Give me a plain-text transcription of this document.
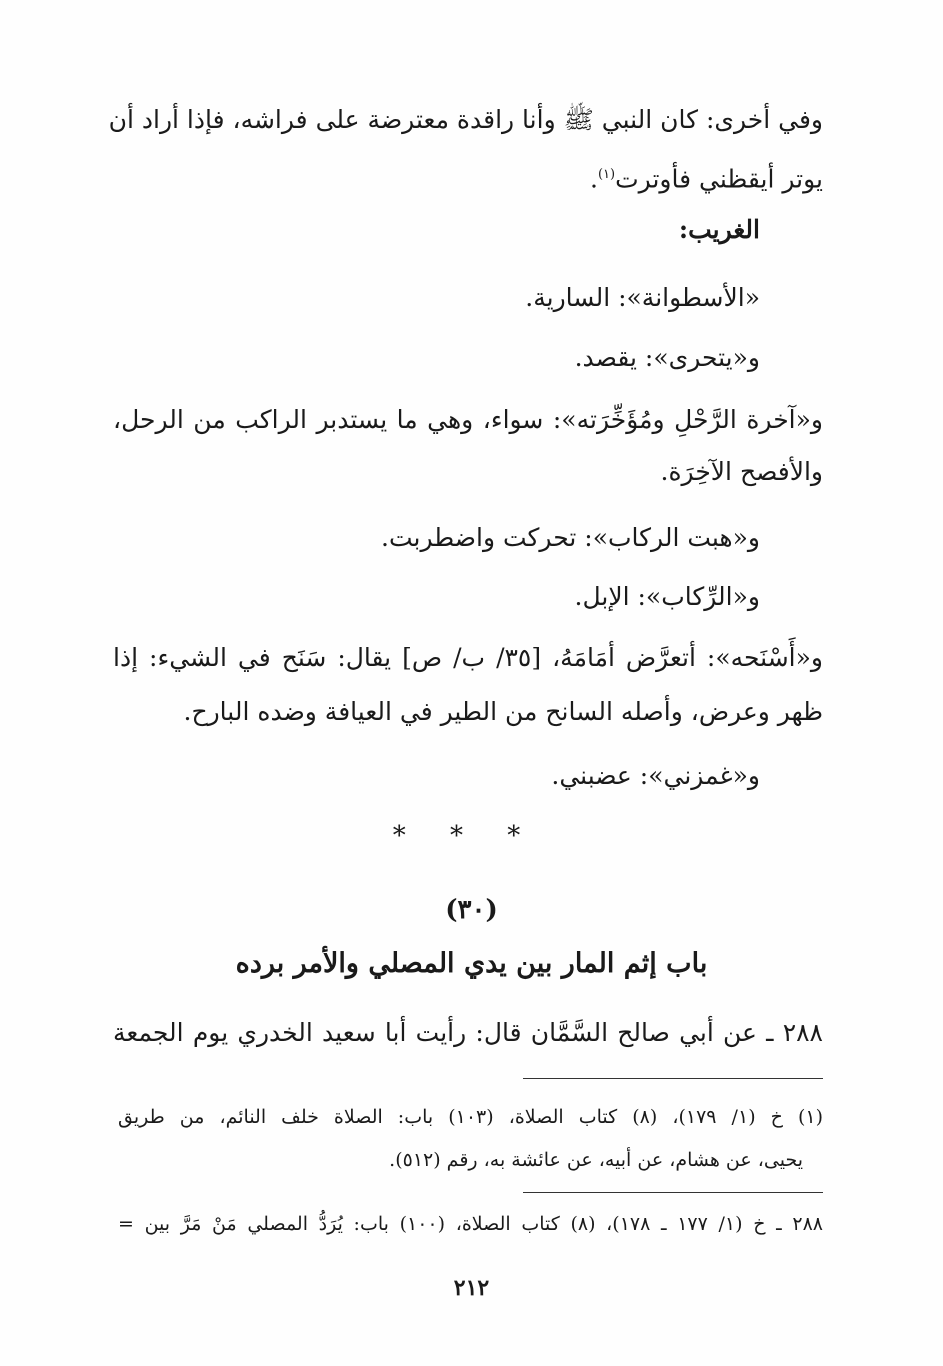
وفي أخرى: كان النبي ﷺ وأنا راقدة معترضة على فراشه، فإذا أراد أن
يوتر أيقظني فأوترت$^{(١)}$.
الغريب:
«الأسطوانة»: السارية.
و«يتحرى»: يقصد.
و«آخرة الرَّحْلِ ومُؤَخِّرَته»: سواء، وهي ما يستدبر الراكب من الرحل،
والأفصح الآخِرَة.
و«هبت الركاب»: تحركت واضطربت.
و«الرِّكاب»: الإبل.
و«أَسْنَحه»: أتعرَّض أمَامَهُ، [٣٥/ ب/ ص] يقال: سَنَح في الشيء: إذا
ظهر وعرض، وأصله السانح من الطير في العيافة وضده البارح.
و«غمزني»: عضبني.
* * *
(٣٠)
باب إثم المار بين يدي المصلي والأمر برده
٢٨٨ ـ عن أبي صالح السَّمَّان قال: رأيت أبا سعيد الخدري يوم الجمعة
(١) خ (١/ ١٧٩)، (٨) كتاب الصلاة، (١٠٣) باب: الصلاة خلف النائم، من طريق
يحيى، عن هشام، عن أبيه، عن عائشة به، رقم (٥١٢).
٢٨٨ ـ خ (١/ ١٧٧ ـ ١٧٨)، (٨) كتاب الصلاة، (١٠٠) باب: يُرَدُّ المصلي مَنْ مَرَّ بين =
٢١٢
